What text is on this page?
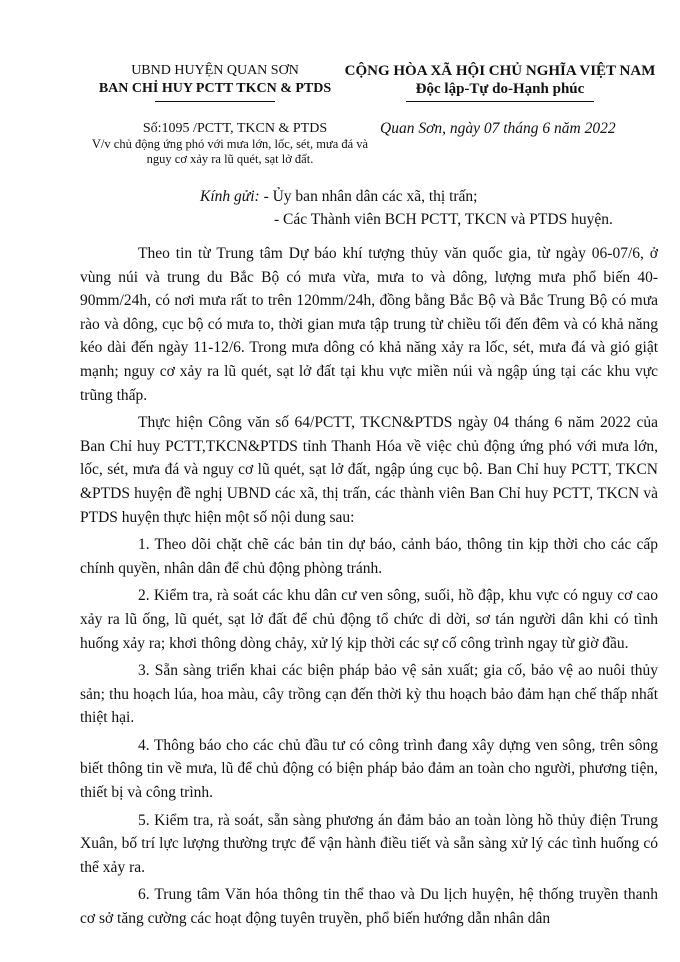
UBND HUYỆN QUAN SƠN
BAN CHỈ HUY PCTT TKCN & PTDS
CỘNG HÒA XÃ HỘI CHỦ NGHĨA VIỆT NAM
Độc lập-Tự do-Hạnh phúc
Số:1095 /PCTT, TKCN & PTDS
V/v chủ động ứng phó với mưa lớn, lốc, sét, mưa đá và nguy cơ xảy ra lũ quét, sạt lở đất.
Quan Sơn, ngày 07 tháng 6 năm 2022
Kính gửi: - Ủy ban nhân dân các xã, thị trấn;
- Các Thành viên BCH PCTT, TKCN và PTDS huyện.

Theo tin từ Trung tâm Dự báo khí tượng thủy văn quốc gia, từ ngày 06-07/6, ở vùng núi và trung du Bắc Bộ có mưa vừa, mưa to và dông, lượng mưa phổ biến 40-90mm/24h, có nơi mưa rất to trên 120mm/24h, đồng bằng Bắc Bộ và Bắc Trung Bộ có mưa rào và dông, cục bộ có mưa to, thời gian mưa tập trung từ chiều tối đến đêm và có khả năng kéo dài đến ngày 11-12/6. Trong mưa dông có khả năng xảy ra lốc, sét, mưa đá và gió giật mạnh; nguy cơ xảy ra lũ quét, sạt lở đất tại khu vực miền núi và ngập úng tại các khu vực trũng thấp.

Thực hiện Công văn số 64/PCTT, TKCN&PTDS ngày 04 tháng 6 năm 2022 của Ban Chỉ huy PCTT,TKCN&PTDS tỉnh Thanh Hóa về việc chủ động ứng phó với mưa lớn, lốc, sét, mưa đá và nguy cơ lũ quét, sạt lở đất, ngập úng cục bộ. Ban Chỉ huy PCTT, TKCN &PTDS huyện đề nghị UBND các xã, thị trấn, các thành viên Ban Chỉ huy PCTT, TKCN và PTDS huyện thực hiện một số nội dung sau:

1. Theo dõi chặt chẽ các bản tin dự báo, cảnh báo, thông tin kịp thời cho các cấp chính quyền, nhân dân để chủ động phòng tránh.

2. Kiểm tra, rà soát các khu dân cư ven sông, suối, hồ đập, khu vực có nguy cơ cao xảy ra lũ ống, lũ quét, sạt lở đất để chủ động tổ chức di dời, sơ tán người dân khi có tình huống xảy ra; khơi thông dòng chảy, xử lý kịp thời các sự cố công trình ngay từ giờ đầu.

3. Sẵn sàng triển khai các biện pháp bảo vệ sản xuất; gia cố, bảo vệ ao nuôi thủy sản; thu hoạch lúa, hoa màu, cây trồng cạn đến thời kỳ thu hoạch bảo đảm hạn chế thấp nhất thiệt hại.

4. Thông báo cho các chủ đầu tư có công trình đang xây dựng ven sông, trên sông biết thông tin về mưa, lũ để chủ động có biện pháp bảo đảm an toàn cho người, phương tiện, thiết bị và công trình.

5. Kiểm tra, rà soát, sẵn sàng phương án đảm bảo an toàn lòng hồ thủy điện Trung Xuân, bố trí lực lượng thường trực để vận hành điều tiết và sẵn sàng xử lý các tình huống có thể xảy ra.

6. Trung tâm Văn hóa thông tin thể thao và Du lịch huyện, hệ thống truyền thanh cơ sở tăng cường các hoạt động tuyên truyền, phổ biến hướng dẫn nhân dân
